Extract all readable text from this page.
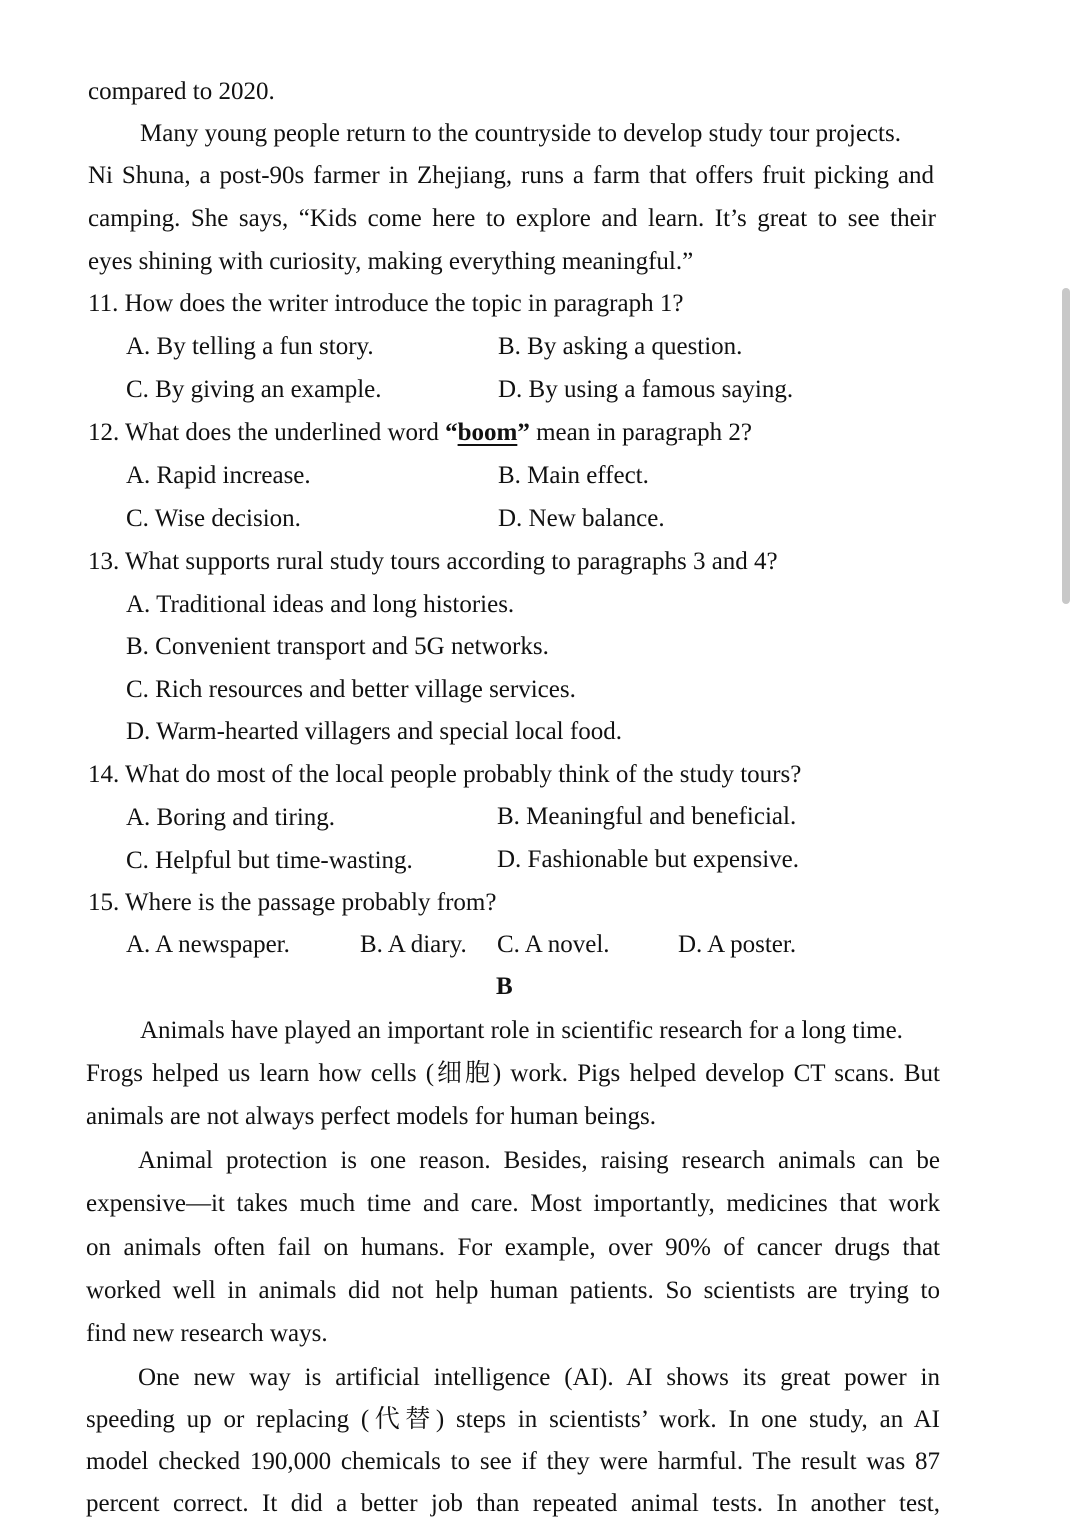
compared to 2020.
Many young people return to the countryside to develop study tour projects.
Ni Shuna, a post-90s farmer in Zhejiang, runs a farm that offers fruit picking and
camping. She says, “Kids come here to explore and learn. It’s great to see their
eyes shining with curiosity, making everything meaningful.”
11. How does the writer introduce the topic in paragraph 1?
A. By telling a fun story.	B. By asking a question.
C. By giving an example.	D. By using a famous saying.
12. What does the underlined word “boom” mean in paragraph 2?
A. Rapid increase.	B. Main effect.
C. Wise decision.	D. New balance.
13. What supports rural study tours according to paragraphs 3 and 4?
A. Traditional ideas and long histories.
B. Convenient transport and 5G networks.
C. Rich resources and better village services.
D. Warm-hearted villagers and special local food.
14. What do most of the local people probably think of the study tours?
A. Boring and tiring.	B. Meaningful and beneficial.
C. Helpful but time-wasting.	D. Fashionable but expensive.
15. Where is the passage probably from?
A. A newspaper.	B. A diary. C. A novel.	D. A poster.
B
Animals have played an important role in scientific research for a long time.
Frogs helped us learn how cells (细胞) work. Pigs helped develop CT scans. But
animals are not always perfect models for human beings.
Animal protection is one reason. Besides, raising research animals can be
expensive—it takes much time and care. Most importantly, medicines that work
on animals often fail on humans. For example, over 90% of cancer drugs that
worked well in animals did not help human patients. So scientists are trying to
find new research ways.
One new way is artificial intelligence (AI). AI shows its great power in
speeding up or replacing (代替) steps in scientists’ work. In one study, an AI
model checked 190,000 chemicals to see if they were harmful. The result was 87
percent correct. It did a better job than repeated animal tests. In another test,
